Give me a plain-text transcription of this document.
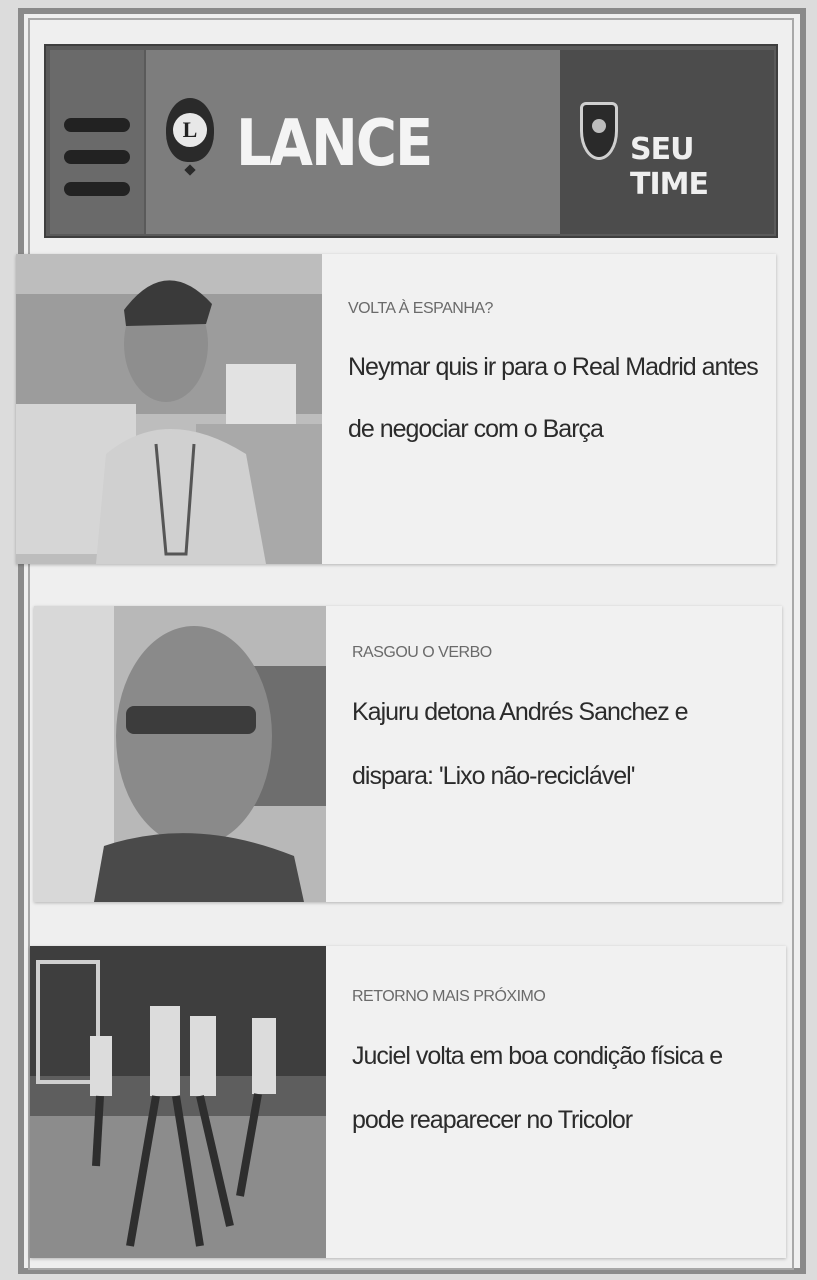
L LANCE	SEU TIME
VOLTA À ESPANHA?
Neymar quis ir para o Real Madrid antes de negociar com o Barça
RASGOU O VERBO
Kajuru detona Andrés Sanchez e dispara: 'Lixo não-reciclável'
RETORNO MAIS PRÓXIMO
Juciel volta em boa condição física e pode reaparecer no Tricolor
